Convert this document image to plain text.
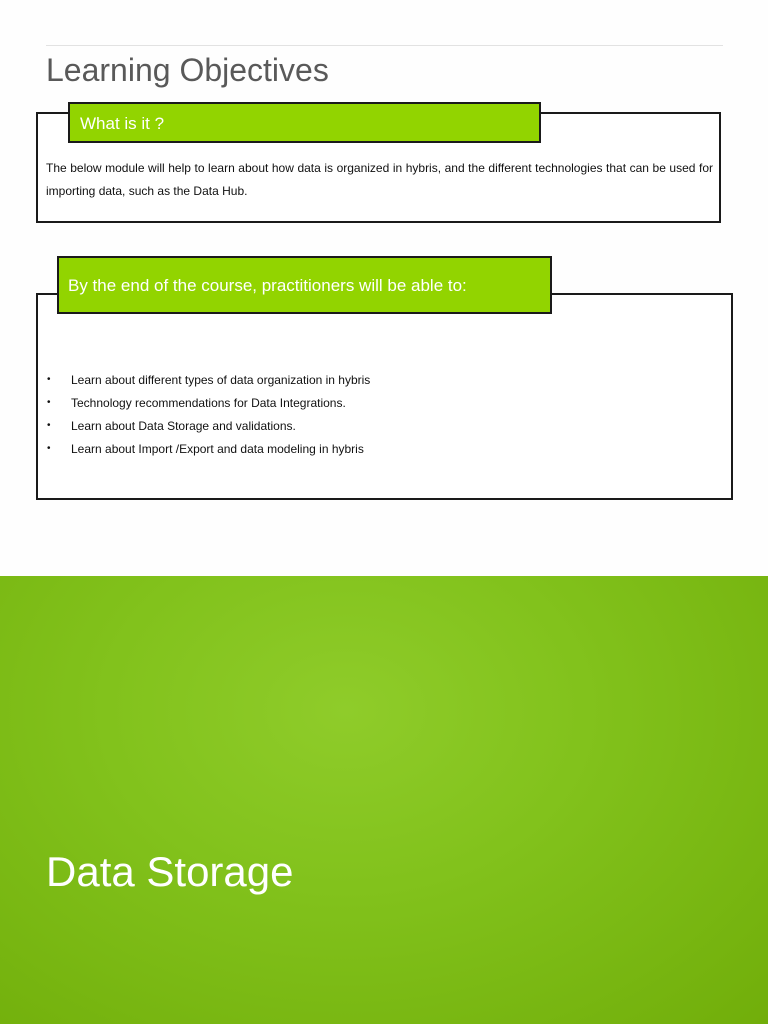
Learning Objectives
What is it ?
The below module will help to learn about how data is organized in hybris, and the different technologies that can be used for importing data, such as the Data Hub.
By the end of the course, practitioners will be able to:
• Learn about different types of data organization in hybris
• Technology recommendations for Data Integrations.
• Learn about Data Storage and validations.
• Learn about Import /Export and data modeling in hybris
Data Storage
